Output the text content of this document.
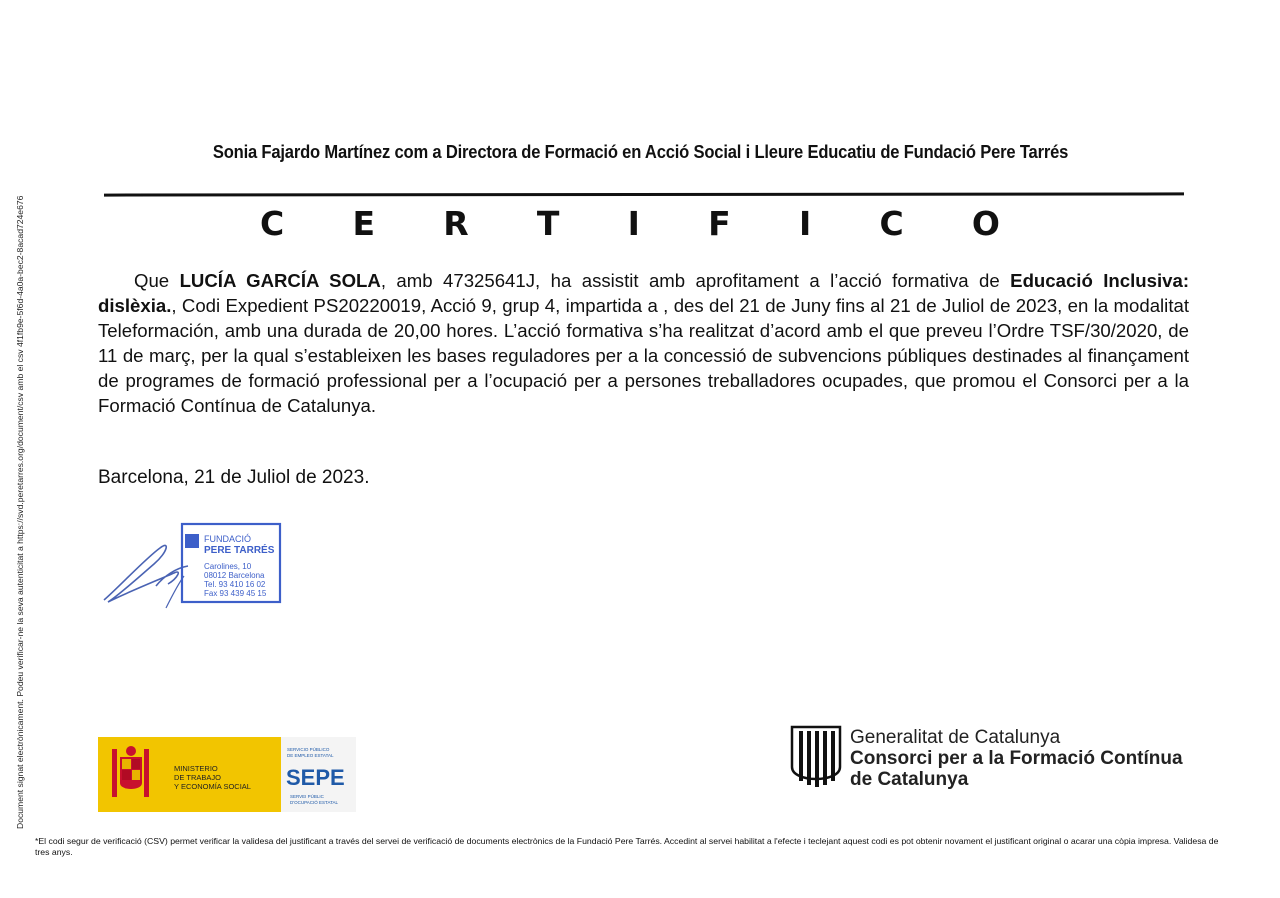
Document signat electrònicament. Podeu verificar-ne la seva autenticitat a https://svd.peretarres.org/document/csv amb el csv 4f1fb9e-5f6d-4a0a-bec2-8acad724e676
Sonia Fajardo Martínez com a Directora de Formació en Acció Social i Lleure Educatiu de Fundació Pere Tarrés
C E R T I F I C O
Que LUCÍA GARCÍA SOLA, amb 47325641J, ha assistit amb aprofitament a l’acció formativa de Educació Inclusiva: dislèxia., Codi Expedient PS20220019, Acció 9, grup 4, impartida a , des del 21 de Juny fins al 21 de Juliol de 2023, en la modalitat Teleformación, amb una durada de 20,00 hores. L’acció formativa s’ha realitzat d’acord amb el que preveu l’Ordre TSF/30/2020, de 11 de març, per la qual s’estableixen les bases reguladores per a la concessió de subvencions públiques destinades al finançament de programes de formació professional per a l’ocupació per a persones treballadores ocupades, que promou el Consorci per a la Formació Contínua de Catalunya.
Barcelona, 21 de Juliol de 2023.
FUNDACIÓ
PERE TARRÉS
Carolines, 10
08012 Barcelona
Tel. 93 410 16 02
Fax 93 439 45 15
MINISTERIO
DE TRABAJO
Y ECONOMÍA SOCIAL
SERVICIO PÚBLICO
DE EMPLEO ESTATAL
SEPE
SERVEI PÚBLIC
D'OCUPACIÓ ESTATAL
Generalitat de Catalunya
Consorci per a la Formació Contínua
de Catalunya
*El codi segur de verificació (CSV) permet verificar la validesa del justificant a través del servei de verificació de documents electrònics de la Fundació Pere Tarrés. Accedint al servei habilitat a l'efecte i teclejant aquest codi es pot obtenir novament el justificant original o acarar una còpia impresa. Validesa de tres anys.
